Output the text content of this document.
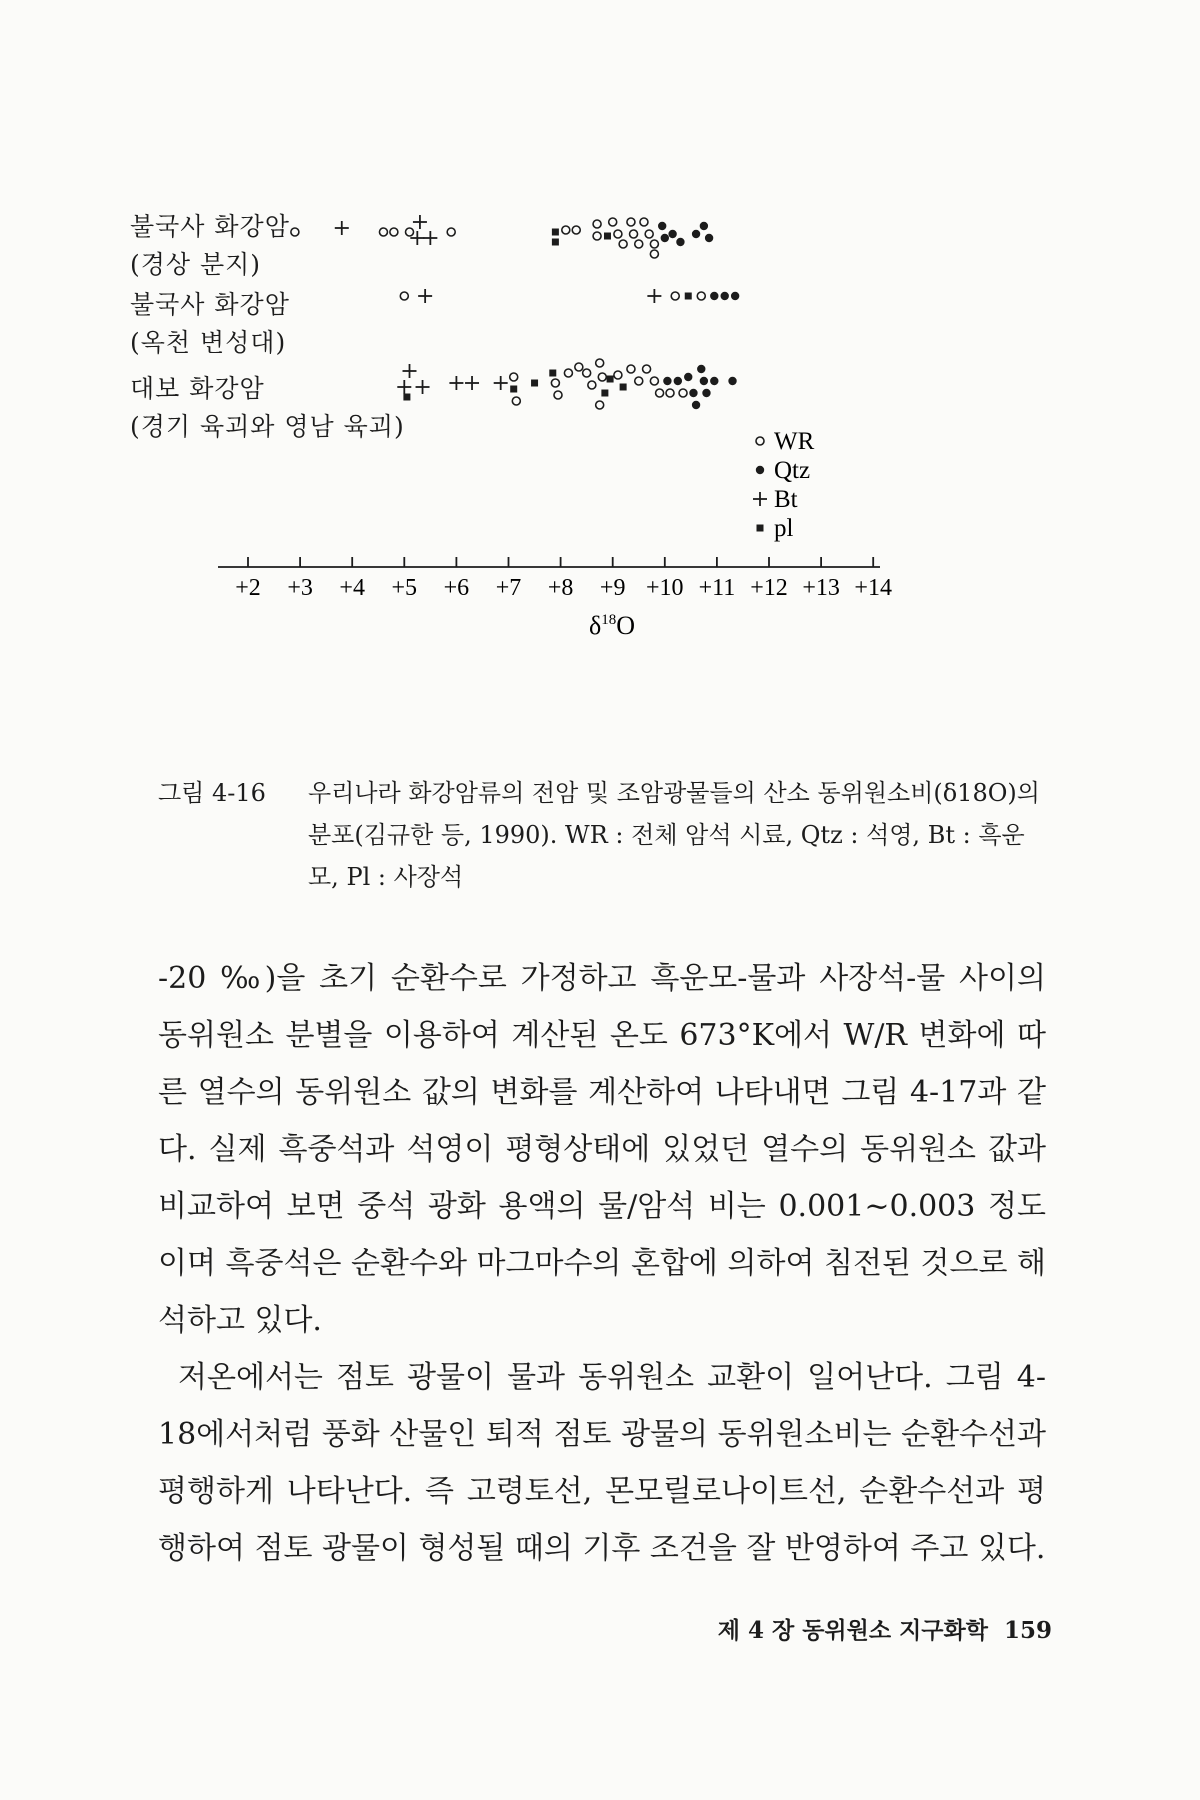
불국사 화강암
(경상 분지)
불국사 화강암
(옥천 변성대)
대보 화강암
(경기 육괴와 영남 육괴)
+2 +3 +4 +5 +6 +7 +8 +9 +10 +11 +12 +13 +14
WR
Qtz
Bt
pl
$\delta^{18}O$
그림 4-16 우리나라 화강암류의 전암 및 조암광물들의 산소 동위원소비(δ18O)의
분포(김규한 등, 1990). WR : 전체 암석 시료, Qtz : 석영, Bt : 흑운
모, Pl : 사장석

-20 ‰)을 초기 순환수로 가정하고 흑운모-물과 사장석-물 사이의 동위원소 분별을 이용하여 계산된 온도 673°K에서 W/R 변화에 따른 열수의 동위원소 값의 변화를 계산하여 나타내면 그림 4-17과 같다. 실제 흑중석과 석영이 평형상태에 있었던 열수의 동위원소 값과 비교하여 보면 중석 광화 용액의 물/암석 비는 0.001~0.003 정도이며 흑중석은 순환수와 마그마수의 혼합에 의하여 침전된 것으로 해석하고 있다.

저온에서는 점토 광물이 물과 동위원소 교환이 일어난다. 그림 4-18에서처럼 풍화 산물인 퇴적 점토 광물의 동위원소비는 순환수선과 평행하게 나타난다. 즉 고령토선, 몬모릴로나이트선, 순환수선과 평행하여 점토 광물이 형성될 때의 기후 조건을 잘 반영하여 주고 있다.

제 4 장 동위원소 지구화학 159
